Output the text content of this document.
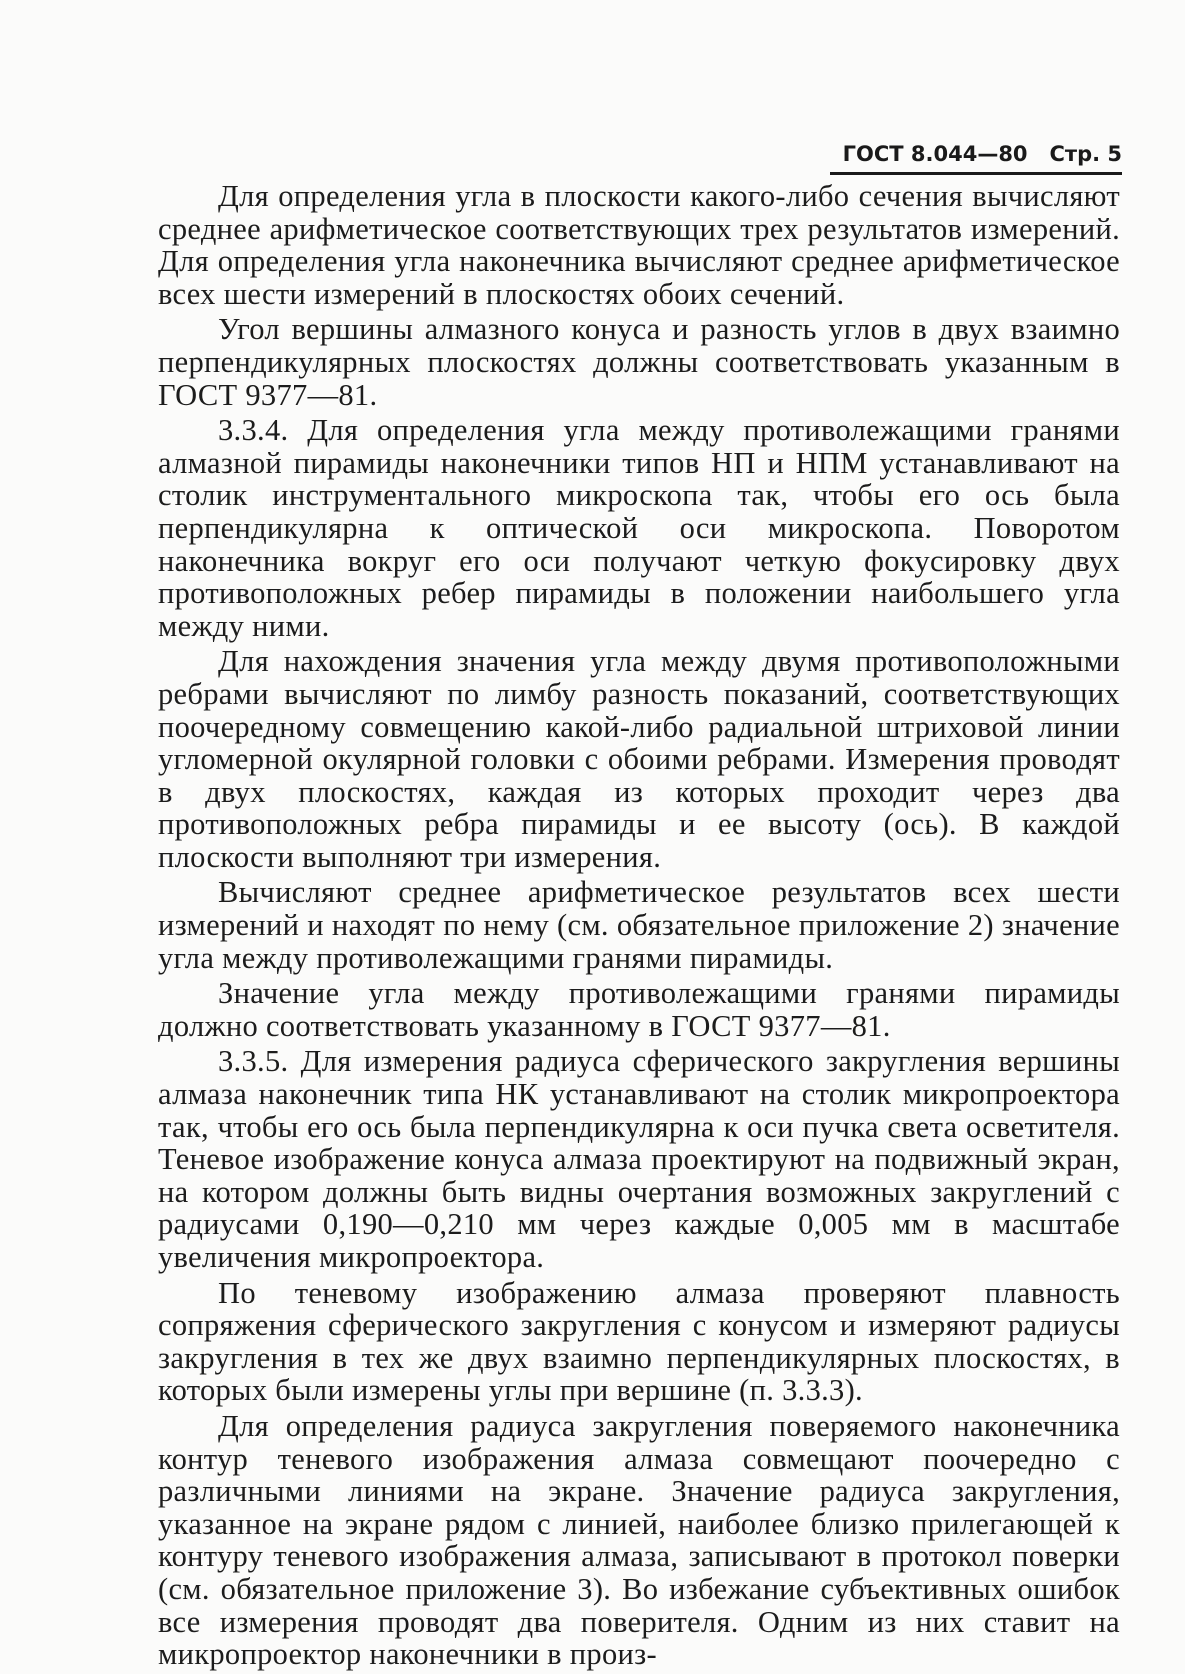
ГОСТ 8.044—80 Стр. 5

Для определения угла в плоскости какого-либо сечения вычисляют среднее арифметическое соответствующих трех результатов измерений. Для определения угла наконечника вычисляют среднее арифметическое всех шести измерений в плоскостях обоих сечений.

Угол вершины алмазного конуса и разность углов в двух взаимно перпендикулярных плоскостях должны соответствовать указанным в ГОСТ 9377—81.

3.3.4. Для определения угла между противолежащими гранями алмазной пирамиды наконечники типов НП и НПМ устанавливают на столик инструментального микроскопа так, чтобы его ось была перпендикулярна к оптической оси микроскопа. Поворотом наконечника вокруг его оси получают четкую фокусировку двух противоположных ребер пирамиды в положении наибольшего угла между ними.

Для нахождения значения угла между двумя противоположными ребрами вычисляют по лимбу разность показаний, соответствующих поочередному совмещению какой-либо радиальной штриховой линии угломерной окулярной головки с обоими ребрами. Измерения проводят в двух плоскостях, каждая из которых проходит через два противоположных ребра пирамиды и ее высоту (ось). В каждой плоскости выполняют три измерения.

Вычисляют среднее арифметическое результатов всех шести измерений и находят по нему (см. обязательное приложение 2) значение угла между противолежащими гранями пирамиды.

Значение угла между противолежащими гранями пирамиды должно соответствовать указанному в ГОСТ 9377—81.

3.3.5. Для измерения радиуса сферического закругления вершины алмаза наконечник типа НК устанавливают на столик микропроектора так, чтобы его ось была перпендикулярна к оси пучка света осветителя. Теневое изображение конуса алмаза проектируют на подвижный экран, на котором должны быть видны очертания возможных закруглений с радиусами 0,190—0,210 мм через каждые 0,005 мм в масштабе увеличения микропроектора.

По теневому изображению алмаза проверяют плавность сопряжения сферического закругления с конусом и измеряют радиусы закругления в тех же двух взаимно перпендикулярных плоскостях, в которых были измерены углы при вершине (п. 3.3.3).

Для определения радиуса закругления поверяемого наконечника контур теневого изображения алмаза совмещают поочередно с различными линиями на экране. Значение радиуса закругления, указанное на экране рядом с линией, наиболее близко прилегающей к контуру теневого изображения алмаза, записывают в протокол поверки (см. обязательное приложение 3). Во избежание субъективных ошибок все измерения проводят два поверителя. Одним из них ставит на микропроектор наконечники в произ-
